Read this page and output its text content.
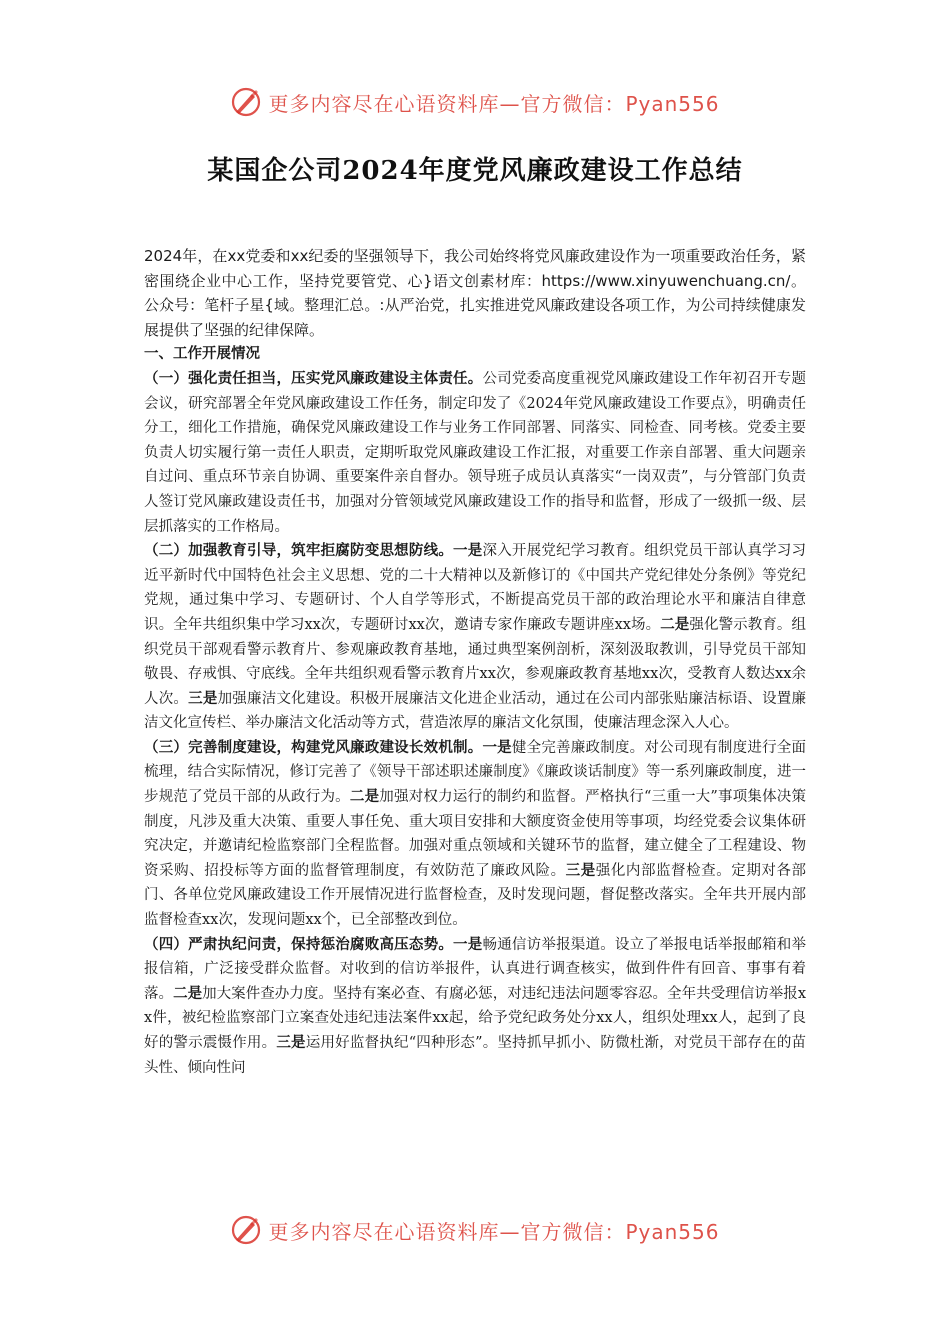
更多内容尽在心语资料库—官方微信：Pyan556
某国企公司2024年度党风廉政建设工作总结

2024年，在xx党委和xx纪委的坚强领导下，我公司始终将党风廉政建设作为一项重要政治任务，紧密围绕企业中心工作，坚持党要管党、心}语文创素材库：https://www.xinyuwenchuang.cn/。公众号：笔杆子星{域。整理汇总。:从严治党，扎实推进党风廉政建设各项工作，为公司持续健康发展提供了坚强的纪律保障。

一、工作开展情况

（一）强化责任担当，压实党风廉政建设主体责任。公司党委高度重视党风廉政建设工作年初召开专题会议，研究部署全年党风廉政建设工作任务，制定印发了《2024年党风廉政建设工作要点》，明确责任分工，细化工作措施，确保党风廉政建设工作与业务工作同部署、同落实、同检查、同考核。党委主要负责人切实履行第一责任人职责，定期听取党风廉政建设工作汇报，对重要工作亲自部署、重大问题亲自过问、重点环节亲自协调、重要案件亲自督办。领导班子成员认真落实“一岗双责”，与分管部门负责人签订党风廉政建设责任书，加强对分管领域党风廉政建设工作的指导和监督，形成了一级抓一级、层层抓落实的工作格局。

（二）加强教育引导，筑牢拒腐防变思想防线。一是深入开展党纪学习教育。组织党员干部认真学习习近平新时代中国特色社会主义思想、党的二十大精神以及新修订的《中国共产党纪律处分条例》等党纪党规，通过集中学习、专题研讨、个人自学等形式，不断提高党员干部的政治理论水平和廉洁自律意识。全年共组织集中学习xx次，专题研讨xx次，邀请专家作廉政专题讲座xx场。二是强化警示教育。组织党员干部观看警示教育片、参观廉政教育基地，通过典型案例剖析，深刻汲取教训，引导党员干部知敬畏、存戒惧、守底线。全年共组织观看警示教育片xx次，参观廉政教育基地xx次，受教育人数达xx余人次。三是加强廉洁文化建设。积极开展廉洁文化进企业活动，通过在公司内部张贴廉洁标语、设置廉洁文化宣传栏、举办廉洁文化活动等方式，营造浓厚的廉洁文化氛围，使廉洁理念深入人心。

（三）完善制度建设，构建党风廉政建设长效机制。一是健全完善廉政制度。对公司现有制度进行全面梳理，结合实际情况，修订完善了《领导干部述职述廉制度》《廉政谈话制度》等一系列廉政制度，进一步规范了党员干部的从政行为。二是加强对权力运行的制约和监督。严格执行“三重一大”事项集体决策制度，凡涉及重大决策、重要人事任免、重大项目安排和大额度资金使用等事项，均经党委会议集体研究决定，并邀请纪检监察部门全程监督。加强对重点领域和关键环节的监督，建立健全了工程建设、物资采购、招投标等方面的监督管理制度，有效防范了廉政风险。三是强化内部监督检查。定期对各部门、各单位党风廉政建设工作开展情况进行监督检查，及时发现问题，督促整改落实。全年共开展内部监督检查xx次，发现问题xx个，已全部整改到位。

（四）严肃执纪问责，保持惩治腐败高压态势。一是畅通信访举报渠道。设立了举报电话举报邮箱和举报信箱，广泛接受群众监督。对收到的信访举报件，认真进行调查核实，做到件件有回音、事事有着落。二是加大案件查办力度。坚持有案必查、有腐必惩，对违纪违法问题零容忍。全年共受理信访举报xx件，被纪检监察部门立案查处违纪违法案件xx起，给予党纪政务处分xx人，组织处理xx人，起到了良好的警示震慑作用。三是运用好监督执纪“四种形态”。坚持抓早抓小、防微杜渐，对党员干部存在的苗头性、倾向性问

更多内容尽在心语资料库—官方微信：Pyan556
